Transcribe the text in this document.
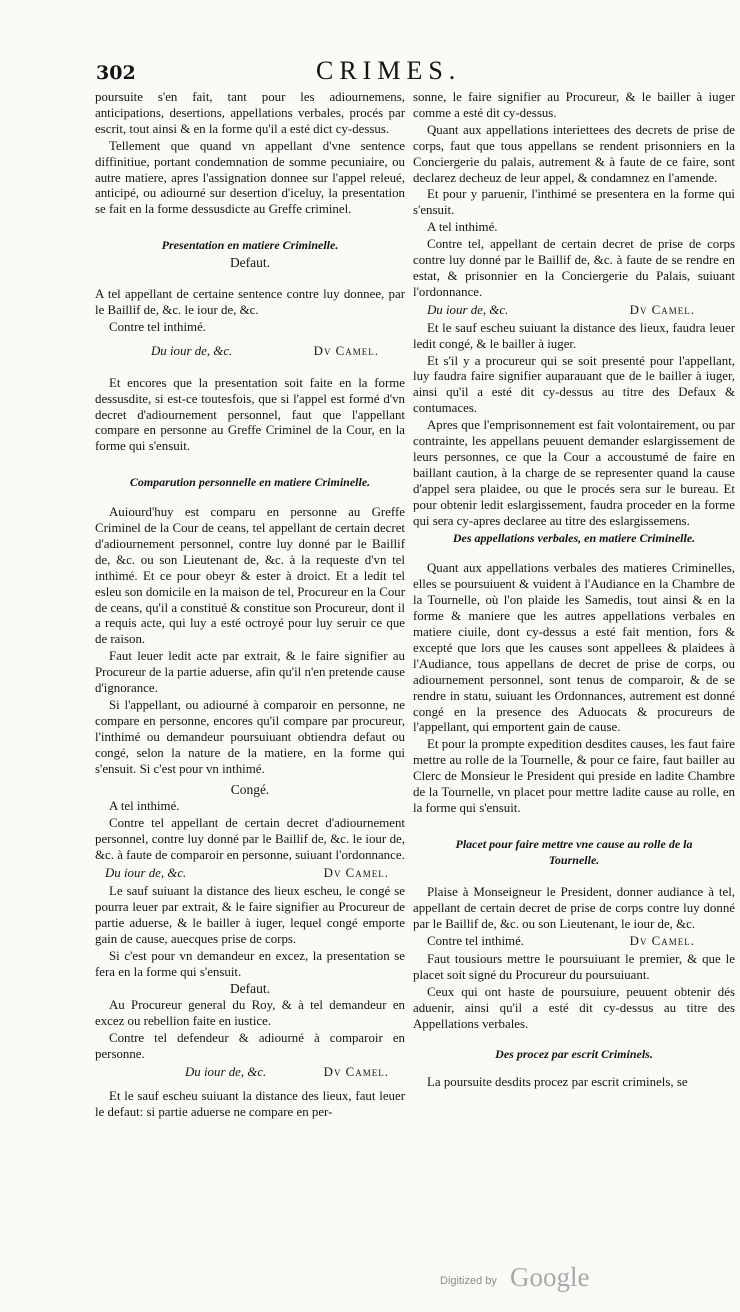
302	CRIMES.

poursuite s'en fait, tant pour les adiournemens, anticipations, desertions, appellations verbales, procés par escrit, tout ainsi & en la forme qu'il a esté dict cy-dessus.

Tellement que quand vn appellant d'vne sentence diffinitiue, portant condemnation de somme pecuniaire, ou autre matiere, apres l'assignation donnee sur l'appel releué, anticipé, ou adiourné sur desertion d'iceluy, la presentation se fait en la forme dessusdicte au Greffe criminel.

Presentation en matiere Criminelle.
Defaut.

A tel appellant de certaine sentence contre luy donnee, par le Baillif de, &c. le iour de, &c.

Contre tel inthimé.

Du iour de, &c.	Dv Camel.

Et encores que la presentation soit faite en la forme dessusdite, si est-ce toutesfois, que si l'appel est formé d'vn decret d'adiournement personnel, faut que l'appellant compare en personne au Greffe Criminel de la Cour, en la forme qui s'ensuit.

Comparution personnelle en matiere Criminelle.

Auiourd'huy est comparu en personne au Greffe Criminel de la Cour de ceans, tel appellant de certain decret d'adiournement personnel, contre luy donné par le Baillif de, &c. ou son Lieutenant de, &c. à la requeste d'vn tel inthimé. Et ce pour obeyr & ester à droict. Et a ledit tel esleu son domicile en la maison de tel, Procureur en la Cour de ceans, qu'il a constitué & constitue son Procureur, dont il a requis acte, qui luy a esté octroyé pour luy seruir ce que de raison.

Faut leuer ledit acte par extrait, & le faire signifier au Procureur de la partie aduerse, afin qu'il n'en pretende cause d'ignorance.

Si l'appellant, ou adiourné à comparoir en personne, ne compare en personne, encores qu'il compare par procureur, l'inthimé ou demandeur poursuiuant obtiendra defaut ou congé, selon la nature de la matiere, en la forme qui s'ensuit. Si c'est pour vn inthimé.

Congé.

A tel inthimé.

Contre tel appellant de certain decret d'adiournement personnel, contre luy donné par le Baillif de, &c. le iour de, &c. à faute de comparoir en personne, suiuant l'ordonnance.

Du iour de, &c.	Dv Camel.

Le sauf suiuant la distance des lieux escheu, le congé se pourra leuer par extrait, & le faire signifier au Procureur de partie aduerse, & le bailler à iuger, lequel congé emporte gain de cause, auecques prise de corps.

Si c'est pour vn demandeur en excez, la presentation se fera en la forme qui s'ensuit.

Defaut.

Au Procureur general du Roy, & à tel demandeur en excez ou rebellion faite en iustice.

Contre tel defendeur & adiourné à comparoir en personne.

Du iour de, &c.	Dv Camel.

Et le sauf escheu suiuant la distance des lieux, faut leuer le defaut: si partie aduerse ne compare en per-

sonne, le faire signifier au Procureur, & le bailler à iuger comme a esté dit cy-dessus.

Quant aux appellations interiettees des decrets de prise de corps, faut que tous appellans se rendent prisonniers en la Conciergerie du palais, autrement & à faute de ce faire, sont declarez decheuz de leur appel, & condamnez en l'amende.

Et pour y paruenir, l'inthimé se presentera en la forme qui s'ensuit.

A tel inthimé.

Contre tel, appellant de certain decret de prise de corps contre luy donné par le Baillif de, &c. à faute de se rendre en estat, & prisonnier en la Conciergerie du Palais, suiuant l'ordonnance.

Du iour de, &c.	Dv Camel.

Et le sauf escheu suiuant la distance des lieux, faudra leuer ledit congé, & le bailler à iuger.

Et s'il y a procureur qui se soit presenté pour l'appellant, luy faudra faire signifier auparauant que de le bailler à iuger, ainsi qu'il a esté dit cy-dessus au titre des Defaux & contumaces.

Apres que l'emprisonnement est fait volontairement, ou par contrainte, les appellans peuuent demander eslargissement de leurs personnes, ce que la Cour a accoustumé de faire en baillant caution, à la charge de se representer quand la cause d'appel sera plaidee, ou que le procés sera sur le bureau. Et pour obtenir ledit eslargissement, faudra proceder en la forme qui sera cy-apres declaree au titre des eslargissemens.

Des appellations verbales, en matiere Criminelle.

Quant aux appellations verbales des matieres Criminelles, elles se poursuiuent & vuident à l'Audiance en la Chambre de la Tournelle, où l'on plaide les Samedis, tout ainsi & en la forme & maniere que les autres appellations verbales en matiere ciuile, dont cy-dessus a esté fait mention, fors & excepté que lors que les causes sont appellees & plaidees à l'Audiance, tous appellans de decret de prise de corps, ou adiournement personnel, sont tenus de comparoir, & de se rendre in statu, suiuant les Ordonnances, autrement est donné congé en la presence des Aduocats & procureurs de l'appellant, qui emportent gain de cause.

Et pour la prompte expedition desdites causes, les faut faire mettre au rolle de la Tournelle, & pour ce faire, faut bailler au Clerc de Monsieur le President qui preside en ladite Chambre de la Tournelle, vn placet pour mettre ladite cause au rolle, en la forme qui s'ensuit.

Placet pour faire mettre vne cause au rolle de la Tournelle.

Plaise à Monseigneur le President, donner audiance à tel, appellant de certain decret de prise de corps contre luy donné par le Baillif de, &c. ou son Lieutenant, le iour de, &c.

Contre tel inthimé.	Dv Camel.

Faut tousiours mettre le poursuiuant le premier, & que le placet soit signé du Procureur du poursuiuant.

Ceux qui ont haste de poursuiure, peuuent obtenir dés aduenir, ainsi qu'il a esté dit cy-dessus au titre des Appellations verbales.

Des procez par escrit Criminels.

La poursuite desdits procez par escrit criminels, se

Digitized by Google
